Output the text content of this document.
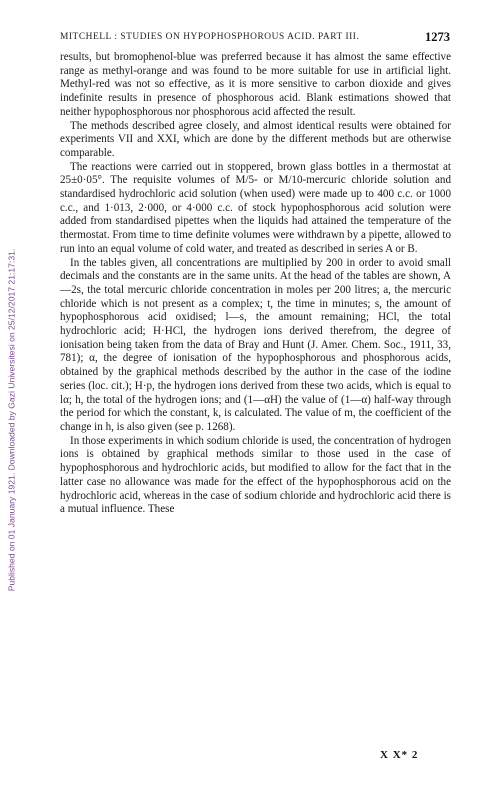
Published on 01 January 1921. Downloaded by Gazi Universitesi on 25/12/2017 21:17:31.
MITCHELL : STUDIES ON HYPOPHOSPHOROUS ACID. PART III.	1273

results, but bromophenol-blue was preferred because it has almost the same effective range as methyl-orange and was found to be more suitable for use in artificial light. Methyl-red was not so effective, as it is more sensitive to carbon dioxide and gives indefinite results in presence of phosphorous acid. Blank estimations showed that neither hypophosphorous nor phosphorous acid affected the result.

The methods described agree closely, and almost identical results were obtained for experiments VII and XXI, which are done by the different methods but are otherwise comparable.

The reactions were carried out in stoppered, brown glass bottles in a thermostat at 25±0·05°. The requisite volumes of M/5- or M/10-mercuric chloride solution and standardised hydrochloric acid solution (when used) were made up to 400 c.c. or 1000 c.c., and 1·013, 2·000, or 4·000 c.c. of stock hypophosphorous acid solution were added from standardised pipettes when the liquids had attained the temperature of the thermostat. From time to time definite volumes were withdrawn by a pipette, allowed to run into an equal volume of cold water, and treated as described in series A or B.

In the tables given, all concentrations are multiplied by 200 in order to avoid small decimals and the constants are in the same units. At the head of the tables are shown, A—2s, the total mercuric chloride concentration in moles per 200 litres; a, the mercuric chloride which is not present as a complex; t, the time in minutes; s, the amount of hypophosphorous acid oxidised; l—s, the amount remaining; HCl, the total hydrochloric acid; H·HCl, the hydrogen ions derived therefrom, the degree of ionisation being taken from the data of Bray and Hunt (J. Amer. Chem. Soc., 1911, 33, 781); α, the degree of ionisation of the hypophosphorous and phosphorous acids, obtained by the graphical methods described by the author in the case of the iodine series (loc. cit.); H·p, the hydrogen ions derived from these two acids, which is equal to lα; h, the total of the hydrogen ions; and (1—αH) the value of (1—α) half-way through the period for which the constant, k, is calculated. The value of m, the coefficient of the change in h, is also given (see p. 1268).

In those experiments in which sodium chloride is used, the concentration of hydrogen ions is obtained by graphical methods similar to those used in the case of hypophosphorous and hydrochloric acids, but modified to allow for the fact that in the latter case no allowance was made for the effect of the hypophosphorous acid on the hydrochloric acid, whereas in the case of sodium chloride and hydrochloric acid there is a mutual influence. These

X X* 2
